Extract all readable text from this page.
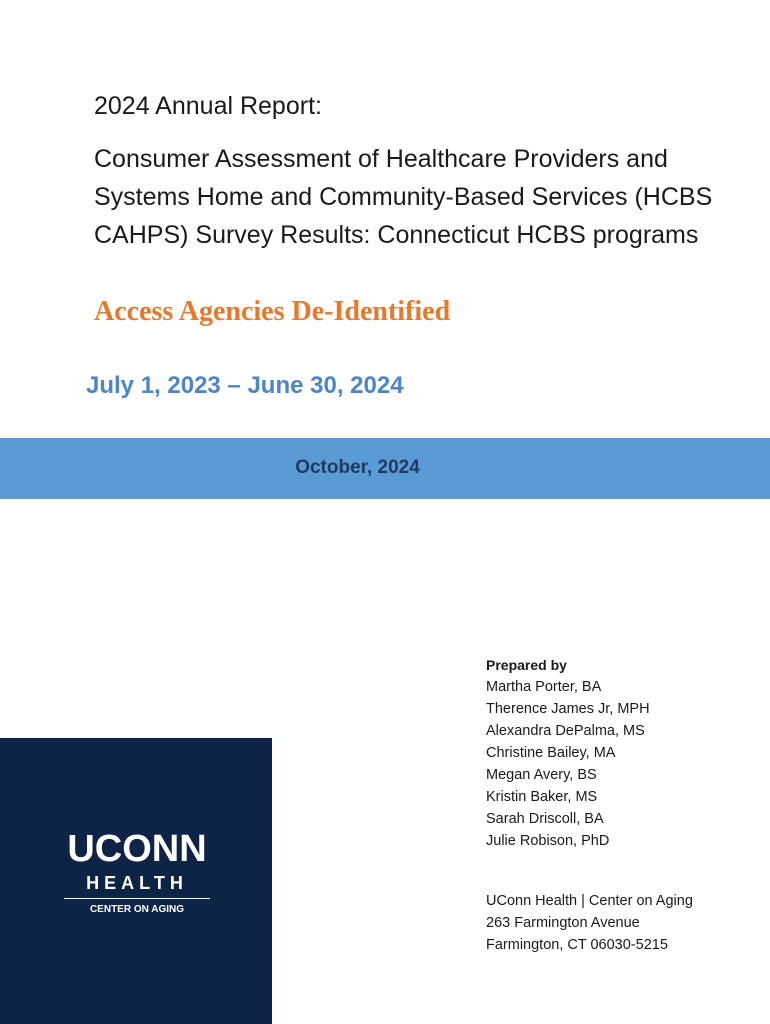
2024 Annual Report:

Consumer Assessment of Healthcare Providers and Systems Home and Community-Based Services (HCBS CAHPS) Survey Results: Connecticut HCBS programs

Access Agencies De-Identified

July 1, 2023 – June 30, 2024

October, 2024
UCONN
HEALTH
CENTER ON AGING
Prepared by
Martha Porter, BA
Therence James Jr, MPH
Alexandra DePalma, MS
Christine Bailey, MA
Megan Avery, BS
Kristin Baker, MS
Sarah Driscoll, BA
Julie Robison, PhD
UConn Health | Center on Aging
263 Farmington Avenue
Farmington, CT 06030-5215
